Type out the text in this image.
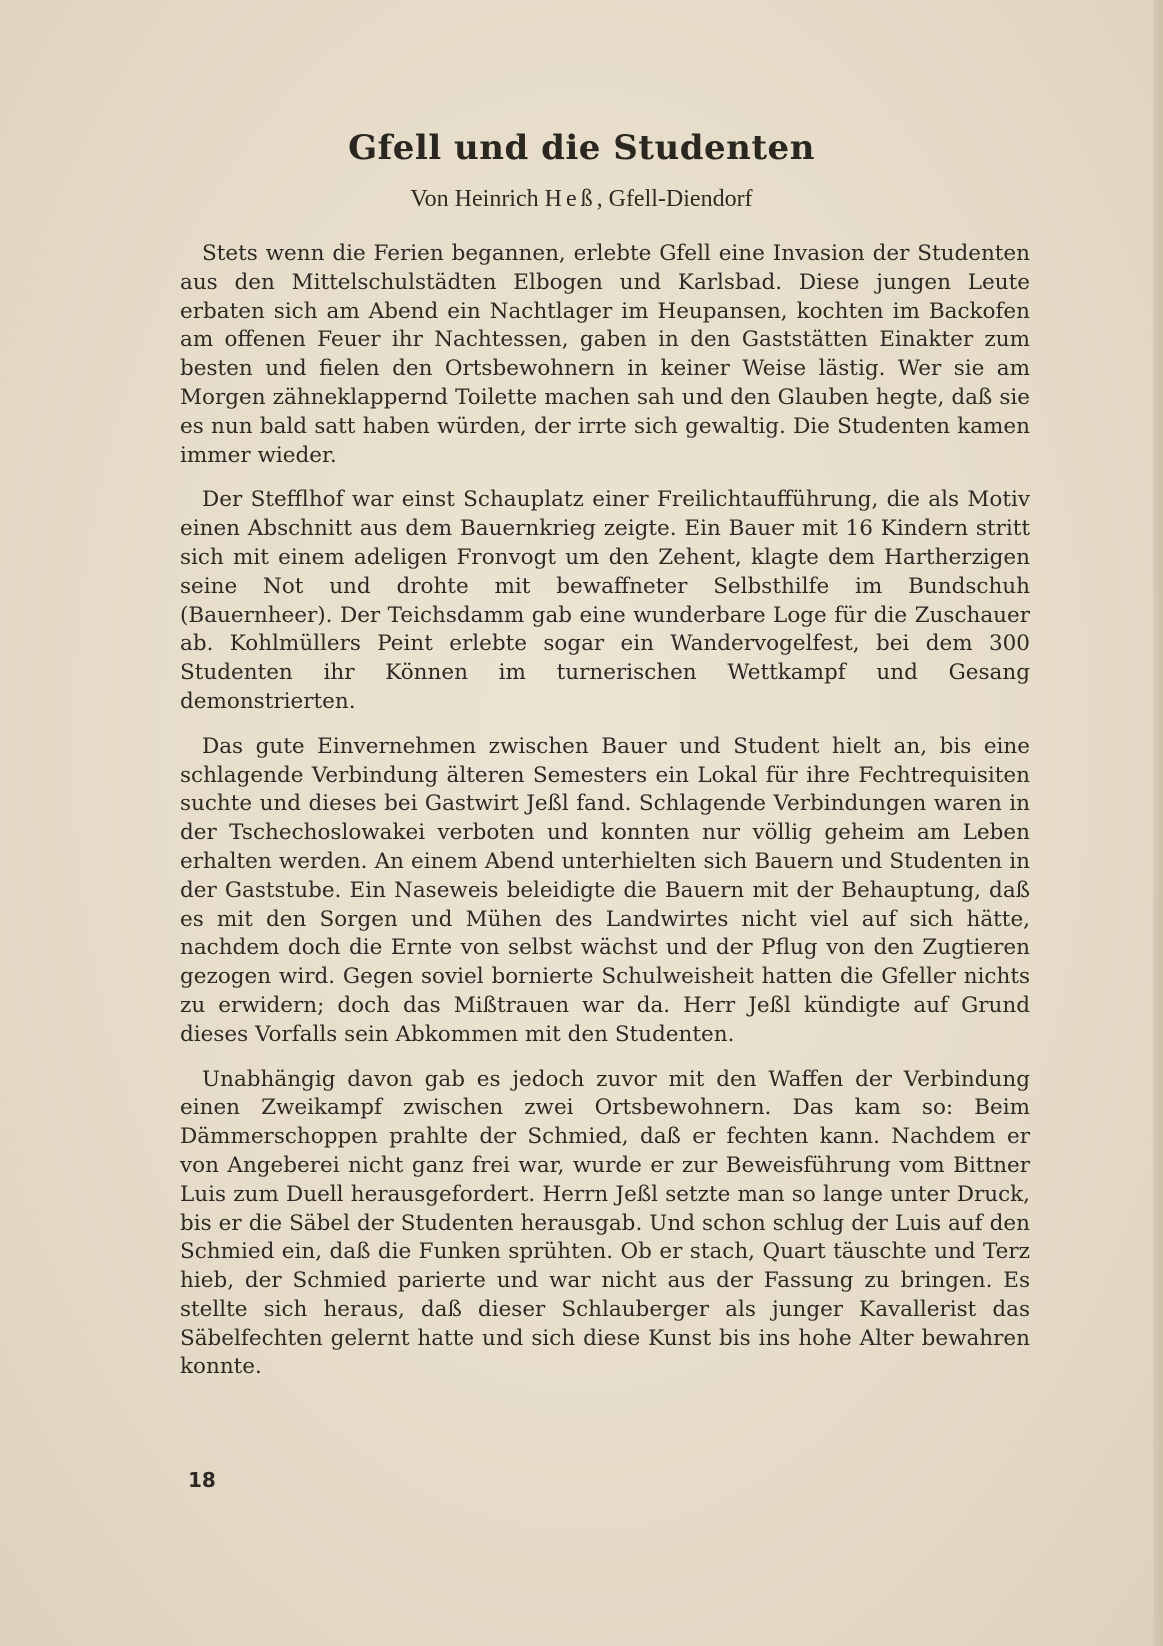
Gfell und die Studenten
Von Heinrich Heß, Gfell-Diendorf

Stets wenn die Ferien begannen, erlebte Gfell eine Invasion der Studenten aus den Mittelschulstädten Elbogen und Karlsbad. Diese jungen Leute erbaten sich am Abend ein Nachtlager im Heupansen, kochten im Backofen am offenen Feuer ihr Nachtessen, gaben in den Gaststätten Einakter zum besten und fielen den Ortsbewohnern in keiner Weise lästig. Wer sie am Morgen zähneklappernd Toilette machen sah und den Glauben hegte, daß sie es nun bald satt haben würden, der irrte sich gewaltig. Die Studenten kamen immer wieder.

Der Stefflhof war einst Schauplatz einer Freilichtaufführung, die als Motiv einen Abschnitt aus dem Bauernkrieg zeigte. Ein Bauer mit 16 Kindern stritt sich mit einem adeligen Fronvogt um den Zehent, klagte dem Hartherzigen seine Not und drohte mit bewaffneter Selbsthilfe im Bundschuh (Bauernheer). Der Teichsdamm gab eine wunderbare Loge für die Zuschauer ab. Kohlmüllers Peint erlebte sogar ein Wandervogelfest, bei dem 300 Studenten ihr Können im turnerischen Wettkampf und Gesang demonstrierten.

Das gute Einvernehmen zwischen Bauer und Student hielt an, bis eine schlagende Verbindung älteren Semesters ein Lokal für ihre Fechtrequisiten suchte und dieses bei Gastwirt Jeßl fand. Schlagende Verbindungen waren in der Tschechoslowakei verboten und konnten nur völlig geheim am Leben erhalten werden. An einem Abend unterhielten sich Bauern und Studenten in der Gaststube. Ein Naseweis beleidigte die Bauern mit der Behauptung, daß es mit den Sorgen und Mühen des Landwirtes nicht viel auf sich hätte, nachdem doch die Ernte von selbst wächst und der Pflug von den Zugtieren gezogen wird. Gegen soviel bornierte Schulweisheit hatten die Gfeller nichts zu erwidern; doch das Mißtrauen war da. Herr Jeßl kündigte auf Grund dieses Vorfalls sein Abkommen mit den Studenten.

Unabhängig davon gab es jedoch zuvor mit den Waffen der Verbindung einen Zweikampf zwischen zwei Ortsbewohnern. Das kam so: Beim Dämmerschoppen prahlte der Schmied, daß er fechten kann. Nachdem er von Angeberei nicht ganz frei war, wurde er zur Beweisführung vom Bittner Luis zum Duell herausgefordert. Herrn Jeßl setzte man so lange unter Druck, bis er die Säbel der Studenten herausgab. Und schon schlug der Luis auf den Schmied ein, daß die Funken sprühten. Ob er stach, Quart täuschte und Terz hieb, der Schmied parierte und war nicht aus der Fassung zu bringen. Es stellte sich heraus, daß dieser Schlauberger als junger Kavallerist das Säbelfechten gelernt hatte und sich diese Kunst bis ins hohe Alter bewahren konnte.

18
